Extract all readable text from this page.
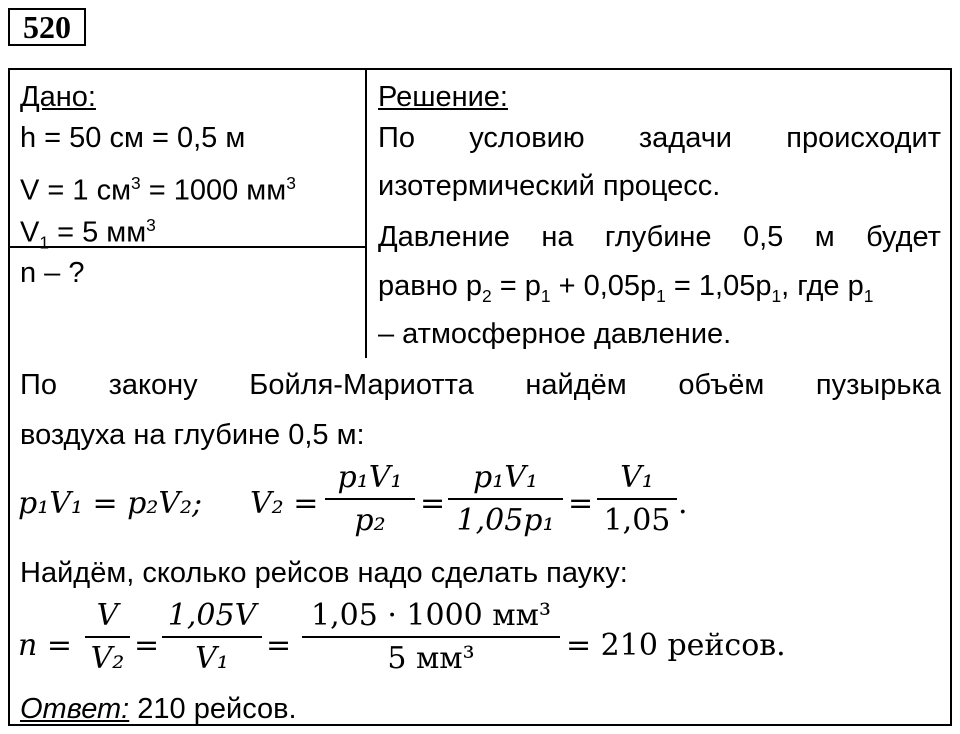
520
Дано:
h = 50 см = 0,5 м
V = 1 $см^3 = 1000$ $мм^3$
$V_1 = 5$ $мм^3$
n – ?
Решение:
По условию задачи происходит
изотермический процесс.
Давление на глубине 0,5 м будет
равно $p_2 = p_1 + 0,05p_1 = 1,05p_1$, где $p_1$
– атмосферное давление.
По закону Бойля-Мариотта найдём объём пузырька
воздуха на глубине 0,5 м:
p₁V₁ = p₂V₂; V₂ =
p₁V₁
p₂	=
p₁V₁
1,05p₁ =
V₁
1,05 .
Найдём, сколько рейсов надо сделать пауку:
n =
V
V₂ =
1,05V
V₁	=
1,05 · 1000 мм³
5 мм³	= 210 рейсов.
Ответ: 210 рейсов.
